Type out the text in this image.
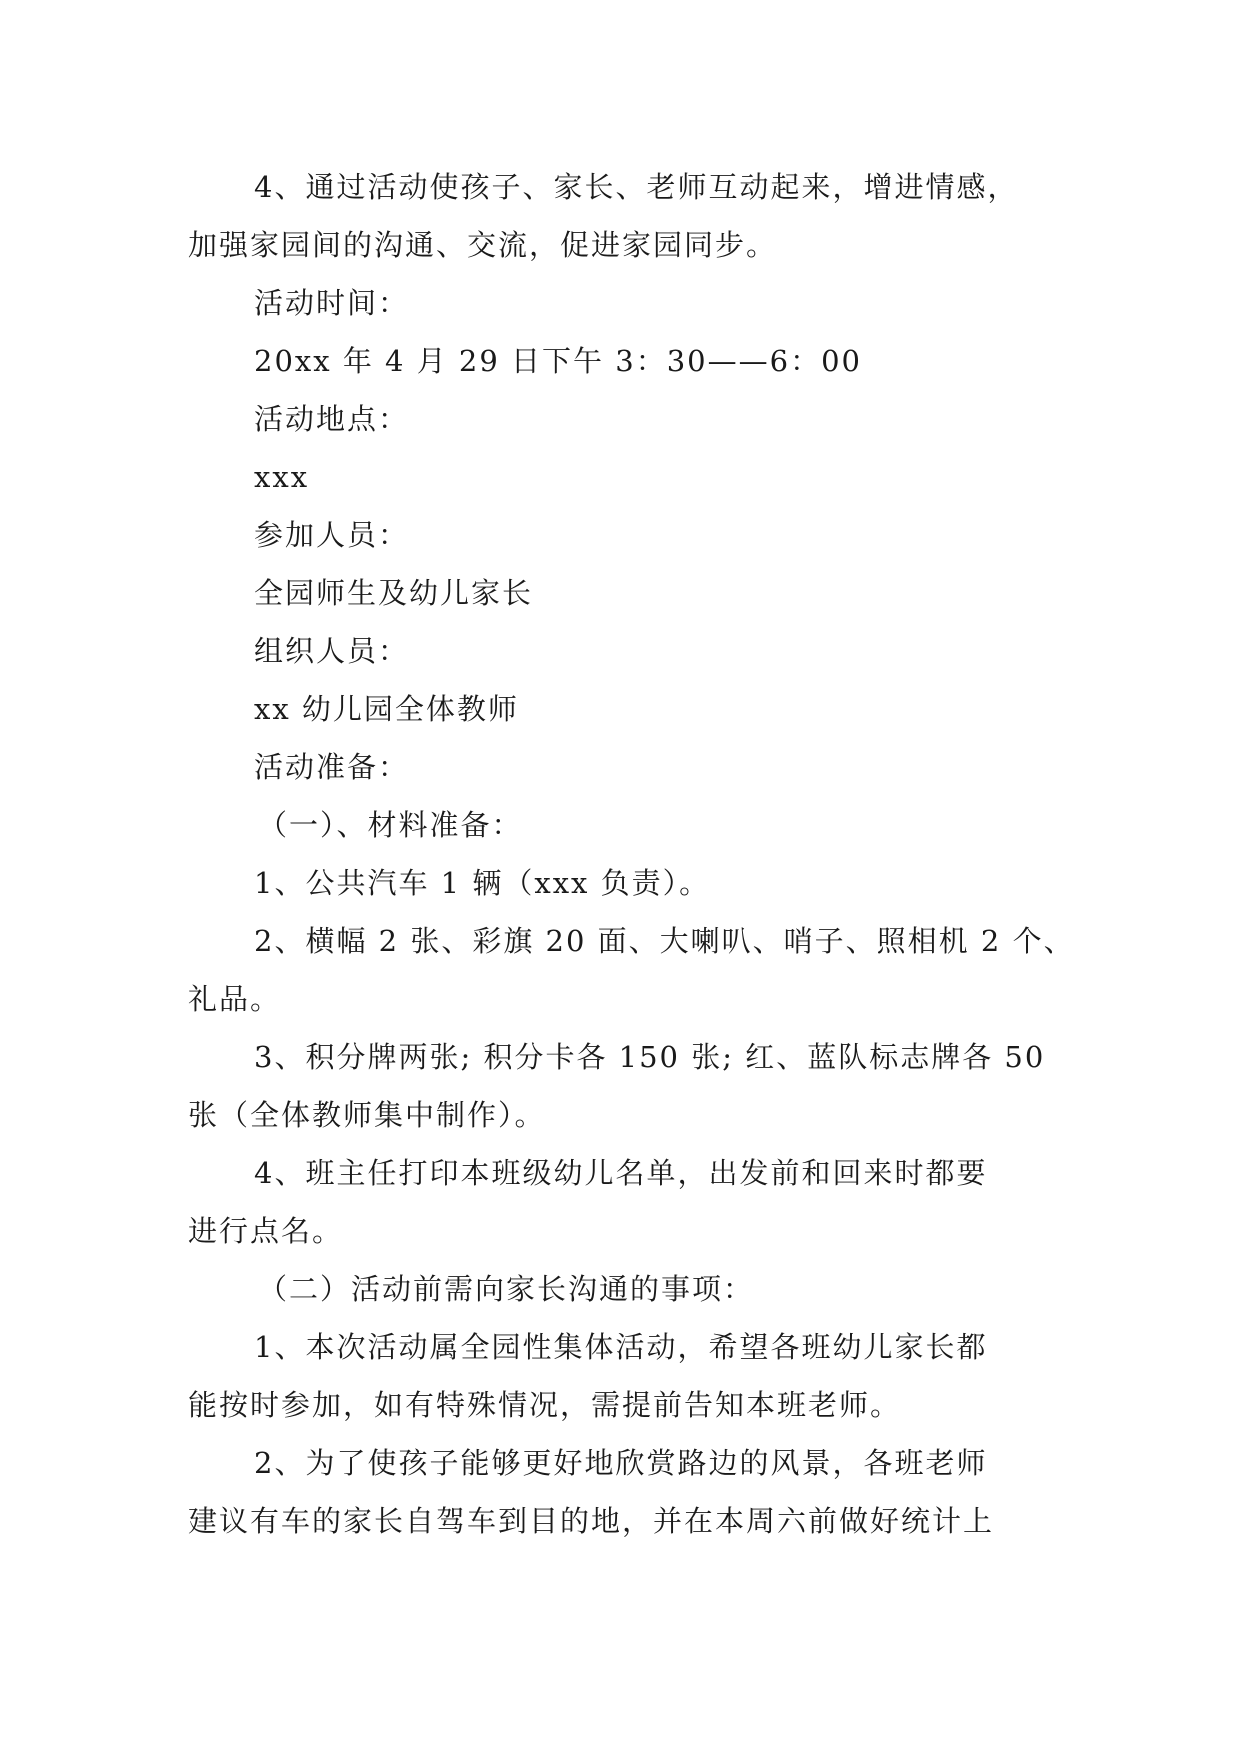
4、通过活动使孩子、家长、老师互动起来，增进情感，

加强家园间的沟通、交流，促进家园同步。

活动时间：

20xx 年 4 月 29 日下午 3：30——6：00

活动地点：

xxx

参加人员：

全园师生及幼儿家长

组织人员：

xx 幼儿园全体教师

活动准备：

（一）、材料准备：

1、公共汽车 1 辆（xxx 负责）。

2、横幅 2 张、彩旗 20 面、大喇叭、哨子、照相机 2 个、

礼品。

3、积分牌两张; 积分卡各 150 张; 红、蓝队标志牌各 50

张（全体教师集中制作）。

4、班主任打印本班级幼儿名单，出发前和回来时都要

进行点名。

（二）活动前需向家长沟通的事项：

1、本次活动属全园性集体活动，希望各班幼儿家长都

能按时参加，如有特殊情况，需提前告知本班老师。

2、为了使孩子能够更好地欣赏路边的风景，各班老师

建议有车的家长自驾车到目的地，并在本周六前做好统计上
